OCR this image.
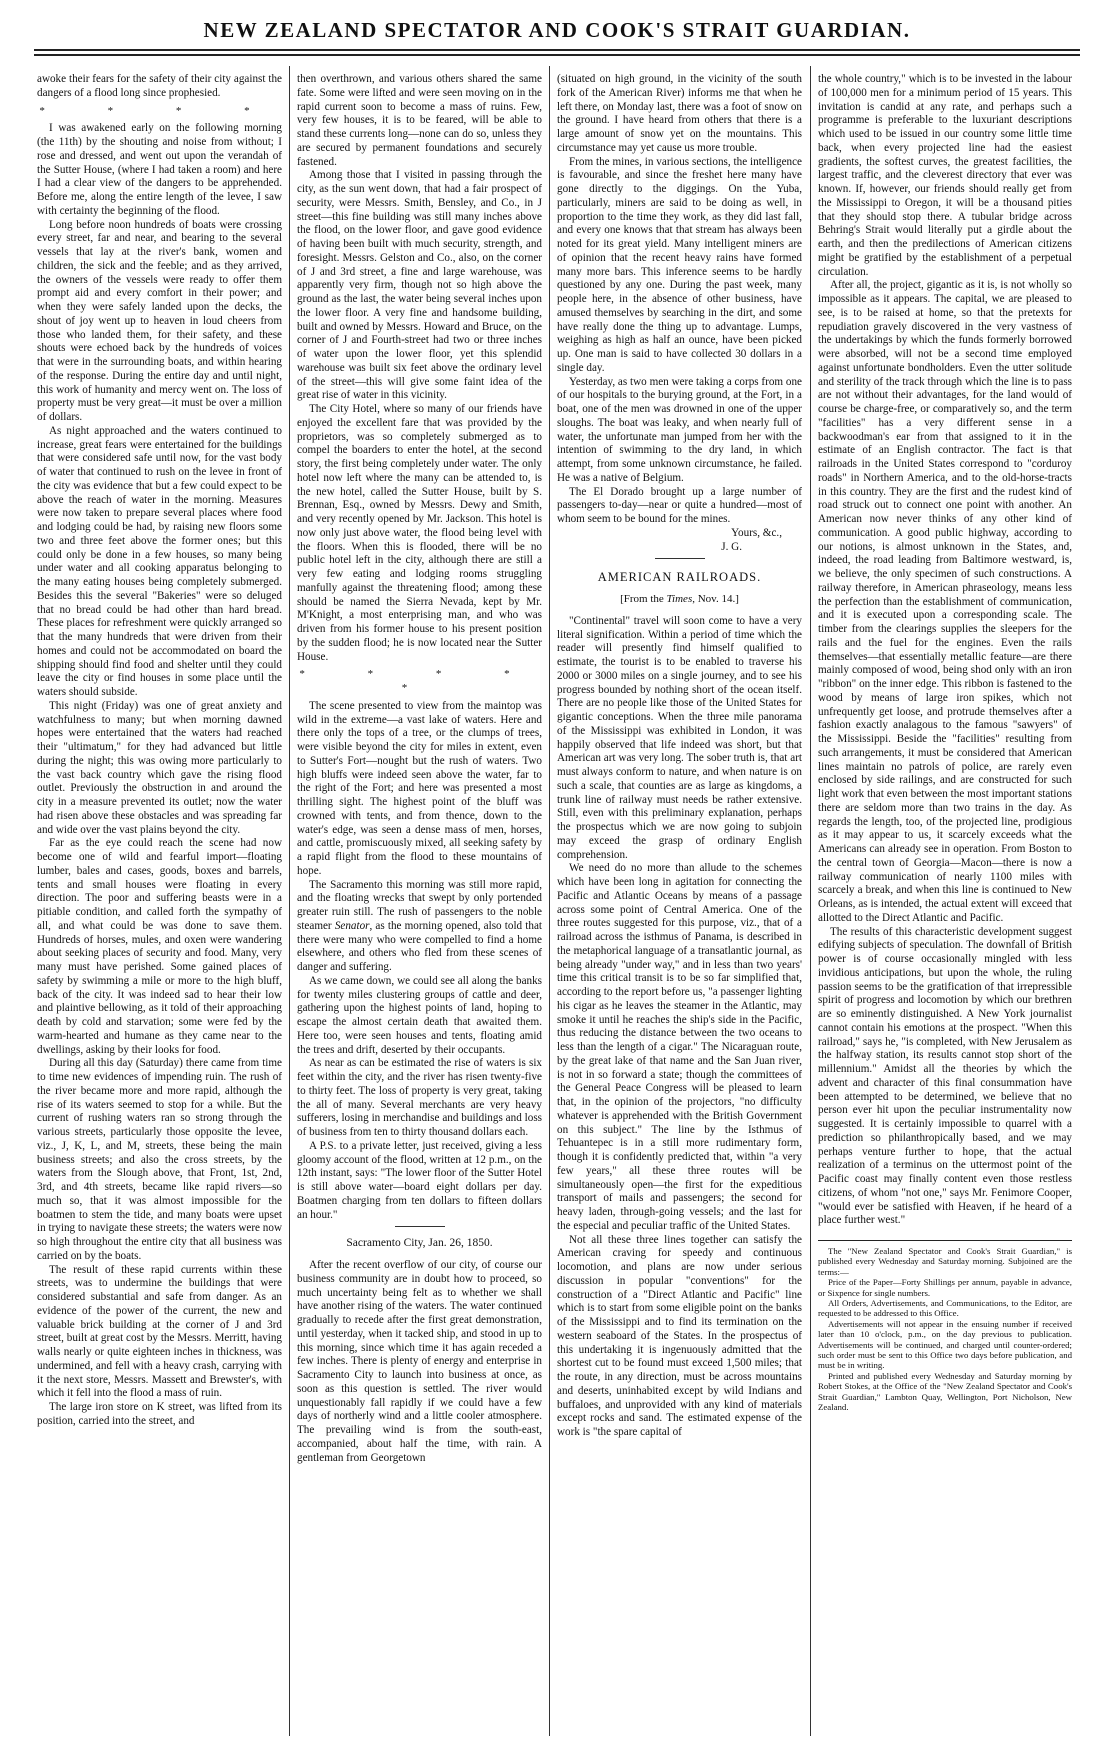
NEW ZEALAND SPECTATOR AND COOK'S STRAIT GUARDIAN.

awoke their fears for the safety of their city against the dangers of a flood long since prophesied.

* * * *

I was awakened early on the following morning (the 11th) by the shouting and noise from without; I rose and dressed, and went out upon the verandah of the Sutter House, (where I had taken a room) and here I had a clear view of the dangers to be apprehended. Before me, along the entire length of the levee, I saw with certainty the beginning of the flood.

Long before noon hundreds of boats were crossing every street, far and near, and bearing to the several vessels that lay at the river's bank, women and children, the sick and the feeble; and as they arrived, the owners of the vessels were ready to offer them prompt aid and every comfort in their power; and when they were safely landed upon the decks, the shout of joy went up to heaven in loud cheers from those who landed them, for their safety, and these shouts were echoed back by the hundreds of voices that were in the surrounding boats, and within hearing of the response. During the entire day and until night, this work of humanity and mercy went on. The loss of property must be very great—it must be over a million of dollars.

As night approached and the waters continued to increase, great fears were entertained for the buildings that were considered safe until now, for the vast body of water that continued to rush on the levee in front of the city was evidence that but a few could expect to be above the reach of water in the morning. Measures were now taken to prepare several places where food and lodging could be had, by raising new floors some two and three feet above the former ones; but this could only be done in a few houses, so many being under water and all cooking apparatus belonging to the many eating houses being completely submerged. Besides this the several "Bakeries" were so deluged that no bread could be had other than hard bread. These places for refreshment were quickly arranged so that the many hundreds that were driven from their homes and could not be accommodated on board the shipping should find food and shelter until they could leave the city or find houses in some place until the waters should subside.

This night (Friday) was one of great anxiety and watchfulness to many; but when morning dawned hopes were entertained that the waters had reached their "ultimatum," for they had advanced but little during the night; this was owing more particularly to the vast back country which gave the rising flood outlet. Previously the obstruction in and around the city in a measure prevented its outlet; now the water had risen above these obstacles and was spreading far and wide over the vast plains beyond the city.

Far as the eye could reach the scene had now become one of wild and fearful import—floating lumber, bales and cases, goods, boxes and barrels, tents and small houses were floating in every direction. The poor and suffering beasts were in a pitiable condition, and called forth the sympathy of all, and what could be was done to save them. Hundreds of horses, mules, and oxen were wandering about seeking places of security and food. Many, very many must have perished. Some gained places of safety by swimming a mile or more to the high bluff, back of the city. It was indeed sad to hear their low and plaintive bellowing, as it told of their approaching death by cold and starvation; some were fed by the warm-hearted and humane as they came near to the dwellings, asking by their looks for food.

During all this day (Saturday) there came from time to time new evidences of impending ruin. The rush of the river became more and more rapid, although the rise of its waters seemed to stop for a while. But the current of rushing waters ran so strong through the various streets, particularly those opposite the levee, viz., J, K, L, and M, streets, these being the main business streets; and also the cross streets, by the waters from the Slough above, that Front, 1st, 2nd, 3rd, and 4th streets, became like rapid rivers—so much so, that it was almost impossible for the boatmen to stem the tide, and many boats were upset in trying to navigate these streets; the waters were now so high throughout the entire city that all business was carried on by the boats.

The result of these rapid currents within these streets, was to undermine the buildings that were considered substantial and safe from danger. As an evidence of the power of the current, the new and valuable brick building at the corner of J and 3rd street, built at great cost by the Messrs. Merritt, having walls nearly or quite eighteen inches in thickness, was undermined, and fell with a heavy crash, carrying with it the next store, Messrs. Massett and Brewster's, with which it fell into the flood a mass of ruin.

The large iron store on K street, was lifted from its position, carried into the street, and

then overthrown, and various others shared the same fate. Some were lifted and were seen moving on in the rapid current soon to become a mass of ruins. Few, very few houses, it is to be feared, will be able to stand these currents long—none can do so, unless they are secured by permanent foundations and securely fastened.

Among those that I visited in passing through the city, as the sun went down, that had a fair prospect of security, were Messrs. Smith, Bensley, and Co., in J street—this fine building was still many inches above the flood, on the lower floor, and gave good evidence of having been built with much security, strength, and foresight. Messrs. Gelston and Co., also, on the corner of J and 3rd street, a fine and large warehouse, was apparently very firm, though not so high above the ground as the last, the water being several inches upon the lower floor. A very fine and handsome building, built and owned by Messrs. Howard and Bruce, on the corner of J and Fourth-street had two or three inches of water upon the lower floor, yet this splendid warehouse was built six feet above the ordinary level of the street—this will give some faint idea of the great rise of water in this vicinity.

The City Hotel, where so many of our friends have enjoyed the excellent fare that was provided by the proprietors, was so completely submerged as to compel the boarders to enter the hotel, at the second story, the first being completely under water. The only hotel now left where the many can be attended to, is the new hotel, called the Sutter House, built by S. Brennan, Esq., owned by Messrs. Dewy and Smith, and very recently opened by Mr. Jackson. This hotel is now only just above water, the flood being level with the floors. When this is flooded, there will be no public hotel left in the city, although there are still a very few eating and lodging rooms struggling manfully against the threatening flood; among these should be named the Sierra Nevada, kept by Mr. M'Knight, a most enterprising man, and who was driven from his former house to his present position by the sudden flood; he is now located near the Sutter House.

* * * * *

The scene presented to view from the maintop was wild in the extreme—a vast lake of waters. Here and there only the tops of a tree, or the clumps of trees, were visible beyond the city for miles in extent, even to Sutter's Fort—nought but the rush of waters. Two high bluffs were indeed seen above the water, far to the right of the Fort; and here was presented a most thrilling sight. The highest point of the bluff was crowned with tents, and from thence, down to the water's edge, was seen a dense mass of men, horses, and cattle, promiscuously mixed, all seeking safety by a rapid flight from the flood to these mountains of hope.

The Sacramento this morning was still more rapid, and the floating wrecks that swept by only portended greater ruin still. The rush of passengers to the noble steamer Senator, as the morning opened, also told that there were many who were compelled to find a home elsewhere, and others who fled from these scenes of danger and suffering.

As we came down, we could see all along the banks for twenty miles clustering groups of cattle and deer, gathering upon the highest points of land, hoping to escape the almost certain death that awaited them. Here too, were seen houses and tents, floating amid the trees and drift, deserted by their occupants.

As near as can be estimated the rise of waters is six feet within the city, and the river has risen twenty-five to thirty feet. The loss of property is very great, taking the all of many. Several merchants are very heavy sufferers, losing in merchandise and buildings and loss of business from ten to thirty thousand dollars each.

A P.S. to a private letter, just received, giving a less gloomy account of the flood, written at 12 p.m., on the 12th instant, says: "The lower floor of the Sutter Hotel is still above water—board eight dollars per day. Boatmen charging from ten dollars to fifteen dollars an hour."

Sacramento City, Jan. 26, 1850.

After the recent overflow of our city, of course our business community are in doubt how to proceed, so much uncertainty being felt as to whether we shall have another rising of the waters. The water continued gradually to recede after the first great demonstration, until yesterday, when it tacked ship, and stood in up to this morning, since which time it has again receded a few inches. There is plenty of energy and enterprise in Sacramento City to launch into business at once, as soon as this question is settled. The river would unquestionably fall rapidly if we could have a few days of northerly wind and a little cooler atmosphere. The prevailing wind is from the south-east, accompanied, about half the time, with rain. A gentleman from Georgetown

(situated on high ground, in the vicinity of the south fork of the American River) informs me that when he left there, on Monday last, there was a foot of snow on the ground. I have heard from others that there is a large amount of snow yet on the mountains. This circumstance may yet cause us more trouble.

From the mines, in various sections, the intelligence is favourable, and since the freshet here many have gone directly to the diggings. On the Yuba, particularly, miners are said to be doing as well, in proportion to the time they work, as they did last fall, and every one knows that that stream has always been noted for its great yield. Many intelligent miners are of opinion that the recent heavy rains have formed many more bars. This inference seems to be hardly questioned by any one. During the past week, many people here, in the absence of other business, have amused themselves by searching in the dirt, and some have really done the thing up to advantage. Lumps, weighing as high as half an ounce, have been picked up. One man is said to have collected 30 dollars in a single day.

Yesterday, as two men were taking a corps from one of our hospitals to the burying ground, at the Fort, in a boat, one of the men was drowned in one of the upper sloughs. The boat was leaky, and when nearly full of water, the unfortunate man jumped from her with the intention of swimming to the dry land, in which attempt, from some unknown circumstance, he failed. He was a native of Belgium.

The El Dorado brought up a large number of passengers to-day—near or quite a hundred—most of whom seem to be bound for the mines.

Yours, &c.,

J. G.

AMERICAN RAILROADS.
[From the Times, Nov. 14.]

"Continental" travel will soon come to have a very literal signification. Within a period of time which the reader will presently find himself qualified to estimate, the tourist is to be enabled to traverse his 2000 or 3000 miles on a single journey, and to see his progress bounded by nothing short of the ocean itself. There are no people like those of the United States for gigantic conceptions. When the three mile panorama of the Mississippi was exhibited in London, it was happily observed that life indeed was short, but that American art was very long. The sober truth is, that art must always conform to nature, and when nature is on such a scale, that counties are as large as kingdoms, a trunk line of railway must needs be rather extensive. Still, even with this preliminary explanation, perhaps the prospectus which we are now going to subjoin may exceed the grasp of ordinary English comprehension.

We need do no more than allude to the schemes which have been long in agitation for connecting the Pacific and Atlantic Oceans by means of a passage across some point of Central America. One of the three routes suggested for this purpose, viz., that of a railroad across the isthmus of Panama, is described in the metaphorical language of a transatlantic journal, as being already "under way," and in less than two years' time this critical transit is to be so far simplified that, according to the report before us, "a passenger lighting his cigar as he leaves the steamer in the Atlantic, may smoke it until he reaches the ship's side in the Pacific, thus reducing the distance between the two oceans to less than the length of a cigar." The Nicaraguan route, by the great lake of that name and the San Juan river, is not in so forward a state; though the committees of the General Peace Congress will be pleased to learn that, in the opinion of the projectors, "no difficulty whatever is apprehended with the British Government on this subject." The line by the Isthmus of Tehuantepec is in a still more rudimentary form, though it is confidently predicted that, within "a very few years," all these three routes will be simultaneously open—the first for the expeditious transport of mails and passengers; the second for heavy laden, through-going vessels; and the last for the especial and peculiar traffic of the United States.

Not all these three lines together can satisfy the American craving for speedy and continuous locomotion, and plans are now under serious discussion in popular "conventions" for the construction of a "Direct Atlantic and Pacific" line which is to start from some eligible point on the banks of the Mississippi and to find its termination on the western seaboard of the States. In the prospectus of this undertaking it is ingenuously admitted that the shortest cut to be found must exceed 1,500 miles; that the route, in any direction, must be across mountains and deserts, uninhabited except by wild Indians and buffaloes, and unprovided with any kind of materials except rocks and sand. The estimated expense of the work is "the spare capital of

the whole country," which is to be invested in the labour of 100,000 men for a minimum period of 15 years. This invitation is candid at any rate, and perhaps such a programme is preferable to the luxuriant descriptions which used to be issued in our country some little time back, when every projected line had the easiest gradients, the softest curves, the greatest facilities, the largest traffic, and the cleverest directory that ever was known. If, however, our friends should really get from the Mississippi to Oregon, it will be a thousand pities that they should stop there. A tubular bridge across Behring's Strait would literally put a girdle about the earth, and then the predilections of American citizens might be gratified by the establishment of a perpetual circulation.

After all, the project, gigantic as it is, is not wholly so impossible as it appears. The capital, we are pleased to see, is to be raised at home, so that the pretexts for repudiation gravely discovered in the very vastness of the undertakings by which the funds formerly borrowed were absorbed, will not be a second time employed against unfortunate bondholders. Even the utter solitude and sterility of the track through which the line is to pass are not without their advantages, for the land would of course be charge-free, or comparatively so, and the term "facilities" has a very different sense in a backwoodman's ear from that assigned to it in the estimate of an English contractor. The fact is that railroads in the United States correspond to "corduroy roads" in Northern America, and to the old-horse-tracts in this country. They are the first and the rudest kind of road struck out to connect one point with another. An American now never thinks of any other kind of communication. A good public highway, according to our notions, is almost unknown in the States, and, indeed, the road leading from Baltimore westward, is, we believe, the only specimen of such constructions. A railway therefore, in American phraseology, means less the perfection than the establishment of communication, and it is executed upon a corresponding scale. The timber from the clearings supplies the sleepers for the rails and the fuel for the engines. Even the rails themselves—that essentially metallic feature—are there mainly composed of wood, being shod only with an iron "ribbon" on the inner edge. This ribbon is fastened to the wood by means of large iron spikes, which not unfrequently get loose, and protrude themselves after a fashion exactly analagous to the famous "sawyers" of the Mississippi. Beside the "facilities" resulting from such arrangements, it must be considered that American lines maintain no patrols of police, are rarely even enclosed by side railings, and are constructed for such light work that even between the most important stations there are seldom more than two trains in the day. As regards the length, too, of the projected line, prodigious as it may appear to us, it scarcely exceeds what the Americans can already see in operation. From Boston to the central town of Georgia—Macon—there is now a railway communication of nearly 1100 miles with scarcely a break, and when this line is continued to New Orleans, as is intended, the actual extent will exceed that allotted to the Direct Atlantic and Pacific.

The results of this characteristic development suggest edifying subjects of speculation. The downfall of British power is of course occasionally mingled with less invidious anticipations, but upon the whole, the ruling passion seems to be the gratification of that irrepressible spirit of progress and locomotion by which our brethren are so eminently distinguished. A New York journalist cannot contain his emotions at the prospect. "When this railroad," says he, "is completed, with New Jerusalem as the halfway station, its results cannot stop short of the millennium." Amidst all the theories by which the advent and character of this final consummation have been attempted to be determined, we believe that no person ever hit upon the peculiar instrumentality now suggested. It is certainly impossible to quarrel with a prediction so philanthropically based, and we may perhaps venture further to hope, that the actual realization of a terminus on the uttermost point of the Pacific coast may finally content even those restless citizens, of whom "not one," says Mr. Fenimore Cooper, "would ever be satisfied with Heaven, if he heard of a place further west."

The "New Zealand Spectator and Cook's Strait Guardian," is published every Wednesday and Saturday morning. Subjoined are the terms:—

Price of the Paper—Forty Shillings per annum, payable in advance, or Sixpence for single numbers.

All Orders, Advertisements, and Communications, to the Editor, are requested to be addressed to this Office.

Advertisements will not appear in the ensuing number if received later than 10 o'clock, p.m., on the day previous to publication. Advertisements will be continued, and charged until counter-ordered; such order must be sent to this Office two days before publication, and must be in writing.

Printed and published every Wednesday and Saturday morning by Robert Stokes, at the Office of the "New Zealand Spectator and Cook's Strait Guardian," Lambton Quay, Wellington, Port Nicholson, New Zealand.
